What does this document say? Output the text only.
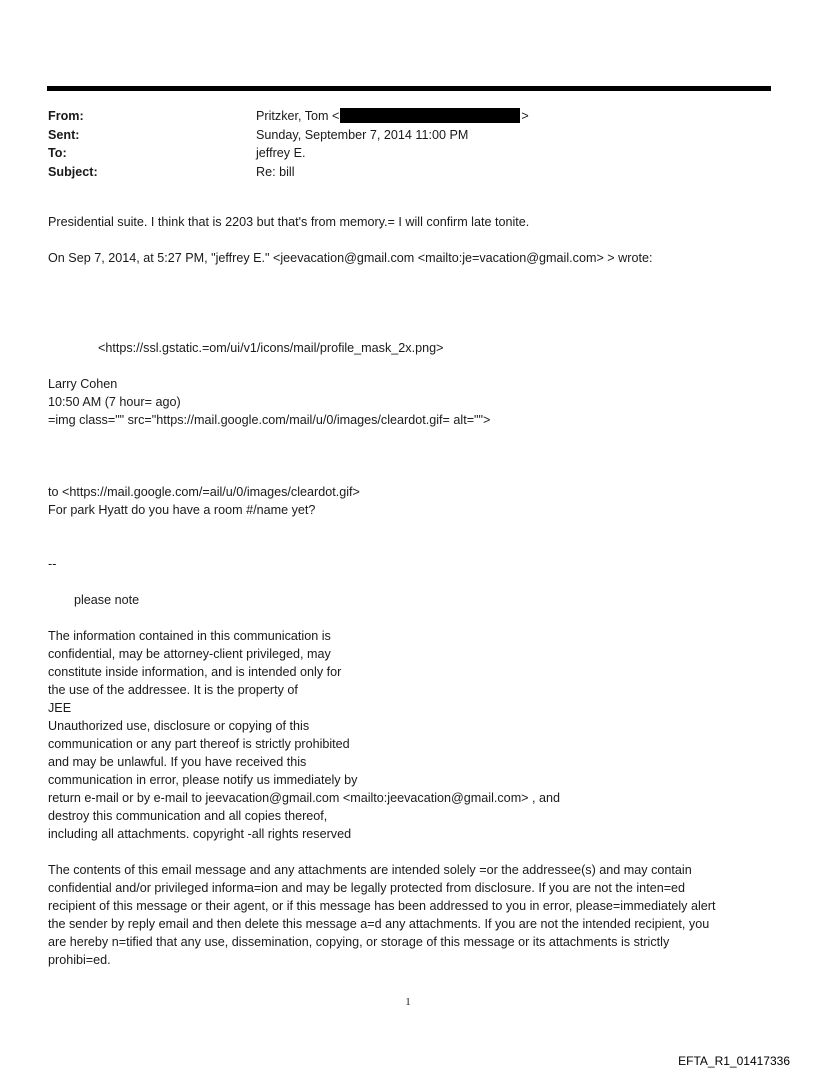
From:	Pritzker, Tom <	>
Sent:	Sunday, September 7, 2014 11:00 PM
To:	jeffrey E.
Subject:	Re: bill

Presidential suite. I think that is 2203 but that's from memory.= I will confirm late tonite.

On Sep 7, 2014, at 5:27 PM, "jeffrey E." <jeevacation@gmail.com <mailto:je=vacation@gmail.com> > wrote:

<https://ssl.gstatic.=om/ui/v1/icons/mail/profile_mask_2x.png>

Larry Cohen

10:50 AM (7 hour= ago)

=img class="" src="https://mail.google.com/mail/u/0/images/cleardot.gif= alt="">

to <https://mail.google.com/=ail/u/0/images/cleardot.gif>

For park Hyatt do you have a room #/name yet?

--

please note

The information contained in this communication is

confidential, may be attorney-client privileged, may

constitute inside information, and is intended only for

the use of the addressee. It is the property of

JEE

Unauthorized use, disclosure or copying of this

communication or any part thereof is strictly prohibited

and may be unlawful. If you have received this

communication in error, please notify us immediately by

return e-mail or by e-mail to jeevacation@gmail.com <mailto:jeevacation@gmail.com> , and

destroy this communication and all copies thereof,

including all attachments. copyright -all rights reserved

The contents of this email message and any attachments are intended solely =or the addressee(s) and may contain

confidential and/or privileged informa=ion and may be legally protected from disclosure. If you are not the inten=ed

recipient of this message or their agent, or if this message has been addressed to you in error, please=immediately alert

the sender by reply email and then delete this message a=d any attachments. If you are not the intended recipient, you

are hereby n=tified that any use, dissemination, copying, or storage of this message or its attachments is strictly

prohibi=ed.

1
EFTA_R1_01417336
